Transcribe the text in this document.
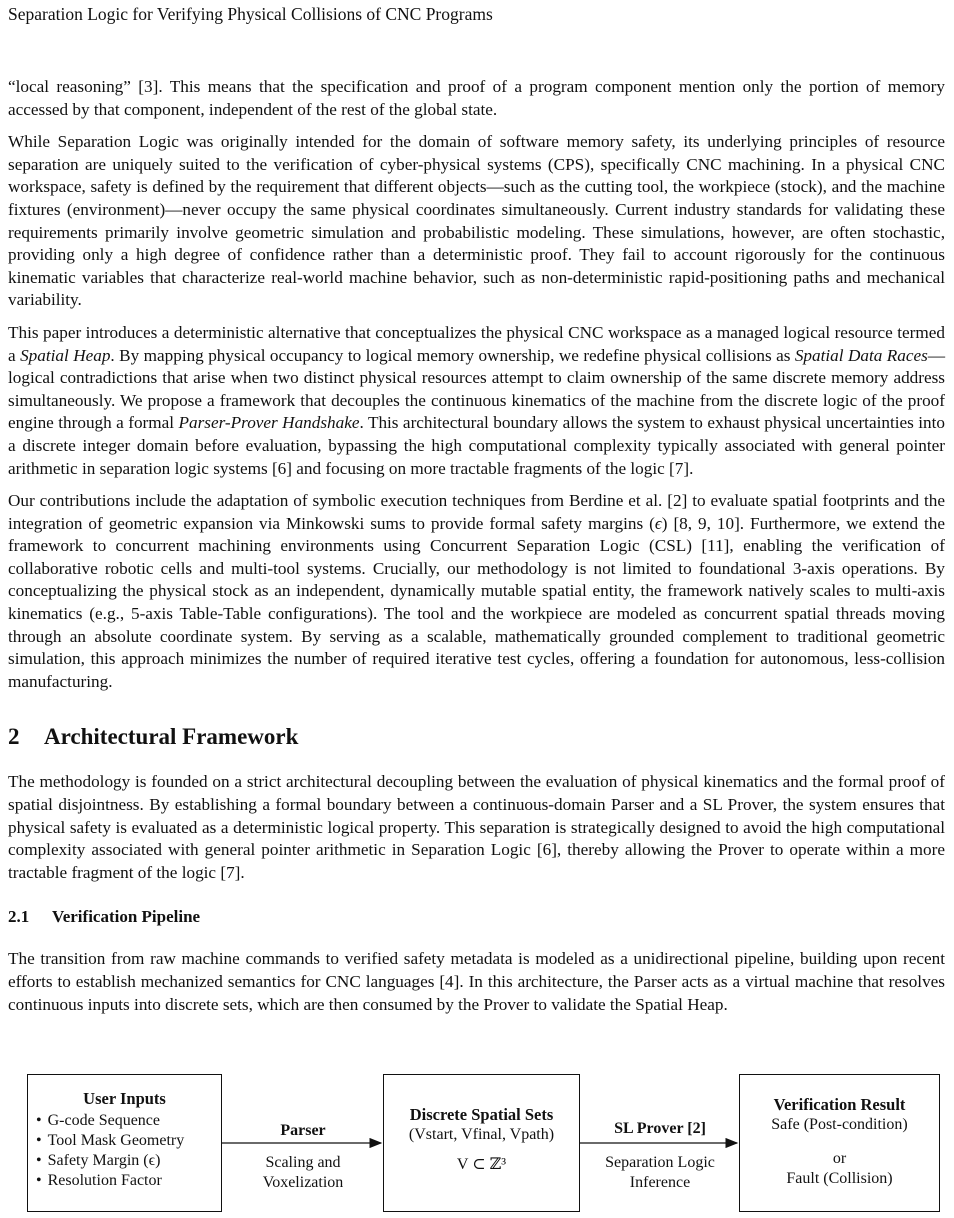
Separation Logic for Verifying Physical Collisions of CNC Programs

“local reasoning” [3]. This means that the specification and proof of a program component mention only the portion of memory accessed by that component, independent of the rest of the global state.

While Separation Logic was originally intended for the domain of software memory safety, its underlying principles of resource separation are uniquely suited to the verification of cyber-physical systems (CPS), specifically CNC machining. In a physical CNC workspace, safety is defined by the requirement that different objects—such as the cutting tool, the workpiece (stock), and the machine fixtures (environment)—never occupy the same physical coordinates simultaneously. Current industry standards for validating these requirements primarily involve geometric simulation and probabilistic modeling. These simulations, however, are often stochastic, providing only a high degree of confidence rather than a deterministic proof. They fail to account rigorously for the continuous kinematic variables that characterize real-world machine behavior, such as non-deterministic rapid-positioning paths and mechanical variability.

This paper introduces a deterministic alternative that conceptualizes the physical CNC workspace as a managed logical resource termed a Spatial Heap. By mapping physical occupancy to logical memory ownership, we redefine physical collisions as Spatial Data Races—logical contradictions that arise when two distinct physical resources attempt to claim ownership of the same discrete memory address simultaneously. We propose a framework that decouples the continuous kinematics of the machine from the discrete logic of the proof engine through a formal Parser-Prover Handshake. This architectural boundary allows the system to exhaust physical uncertainties into a discrete integer domain before evaluation, bypassing the high computational complexity typically associated with general pointer arithmetic in separation logic systems [6] and focusing on more tractable fragments of the logic [7].

Our contributions include the adaptation of symbolic execution techniques from Berdine et al. [2] to evaluate spatial footprints and the integration of geometric expansion via Minkowski sums to provide formal safety margins (ϵ) [8, 9, 10]. Furthermore, we extend the framework to concurrent machining environments using Concurrent Separation Logic (CSL) [11], enabling the verification of collaborative robotic cells and multi-tool systems. Crucially, our methodology is not limited to foundational 3-axis operations. By conceptualizing the physical stock as an independent, dynamically mutable spatial entity, the framework natively scales to multi-axis kinematics (e.g., 5-axis Table-Table configurations). The tool and the workpiece are modeled as concurrent spatial threads moving through an absolute coordinate system. By serving as a scalable, mathematically grounded complement to traditional geometric simulation, this approach minimizes the number of required iterative test cycles, offering a foundation for autonomous, less-collision manufacturing.

2 Architectural Framework

The methodology is founded on a strict architectural decoupling between the evaluation of physical kinematics and the formal proof of spatial disjointness. By establishing a formal boundary between a continuous-domain Parser and a SL Prover, the system ensures that physical safety is evaluated as a deterministic logical property. This separation is strategically designed to avoid the high computational complexity associated with general pointer arithmetic in Separation Logic [6], thereby allowing the Prover to operate within a more tractable fragment of the logic [7].

2.1 Verification Pipeline

The transition from raw machine commands to verified safety metadata is modeled as a unidirectional pipeline, building upon recent efforts to establish mechanized semantics for CNC languages [4]. In this architecture, the Parser acts as a virtual machine that resolves continuous inputs into discrete sets, which are then consumed by the Prover to validate the Spatial Heap.

User Inputs
• G-code Sequence
• Tool Mask Geometry
• Safety Margin (ϵ)
• Resolution Factor
Parser
Scaling and
Voxelization
Discrete Spatial Sets
(Vstart, Vfinal, Vpath)
V ⊂ ℤ³
SL Prover [2]
Separation Logic
Inference
Verification Result
Safe (Post-condition)
or
Fault (Collision)
